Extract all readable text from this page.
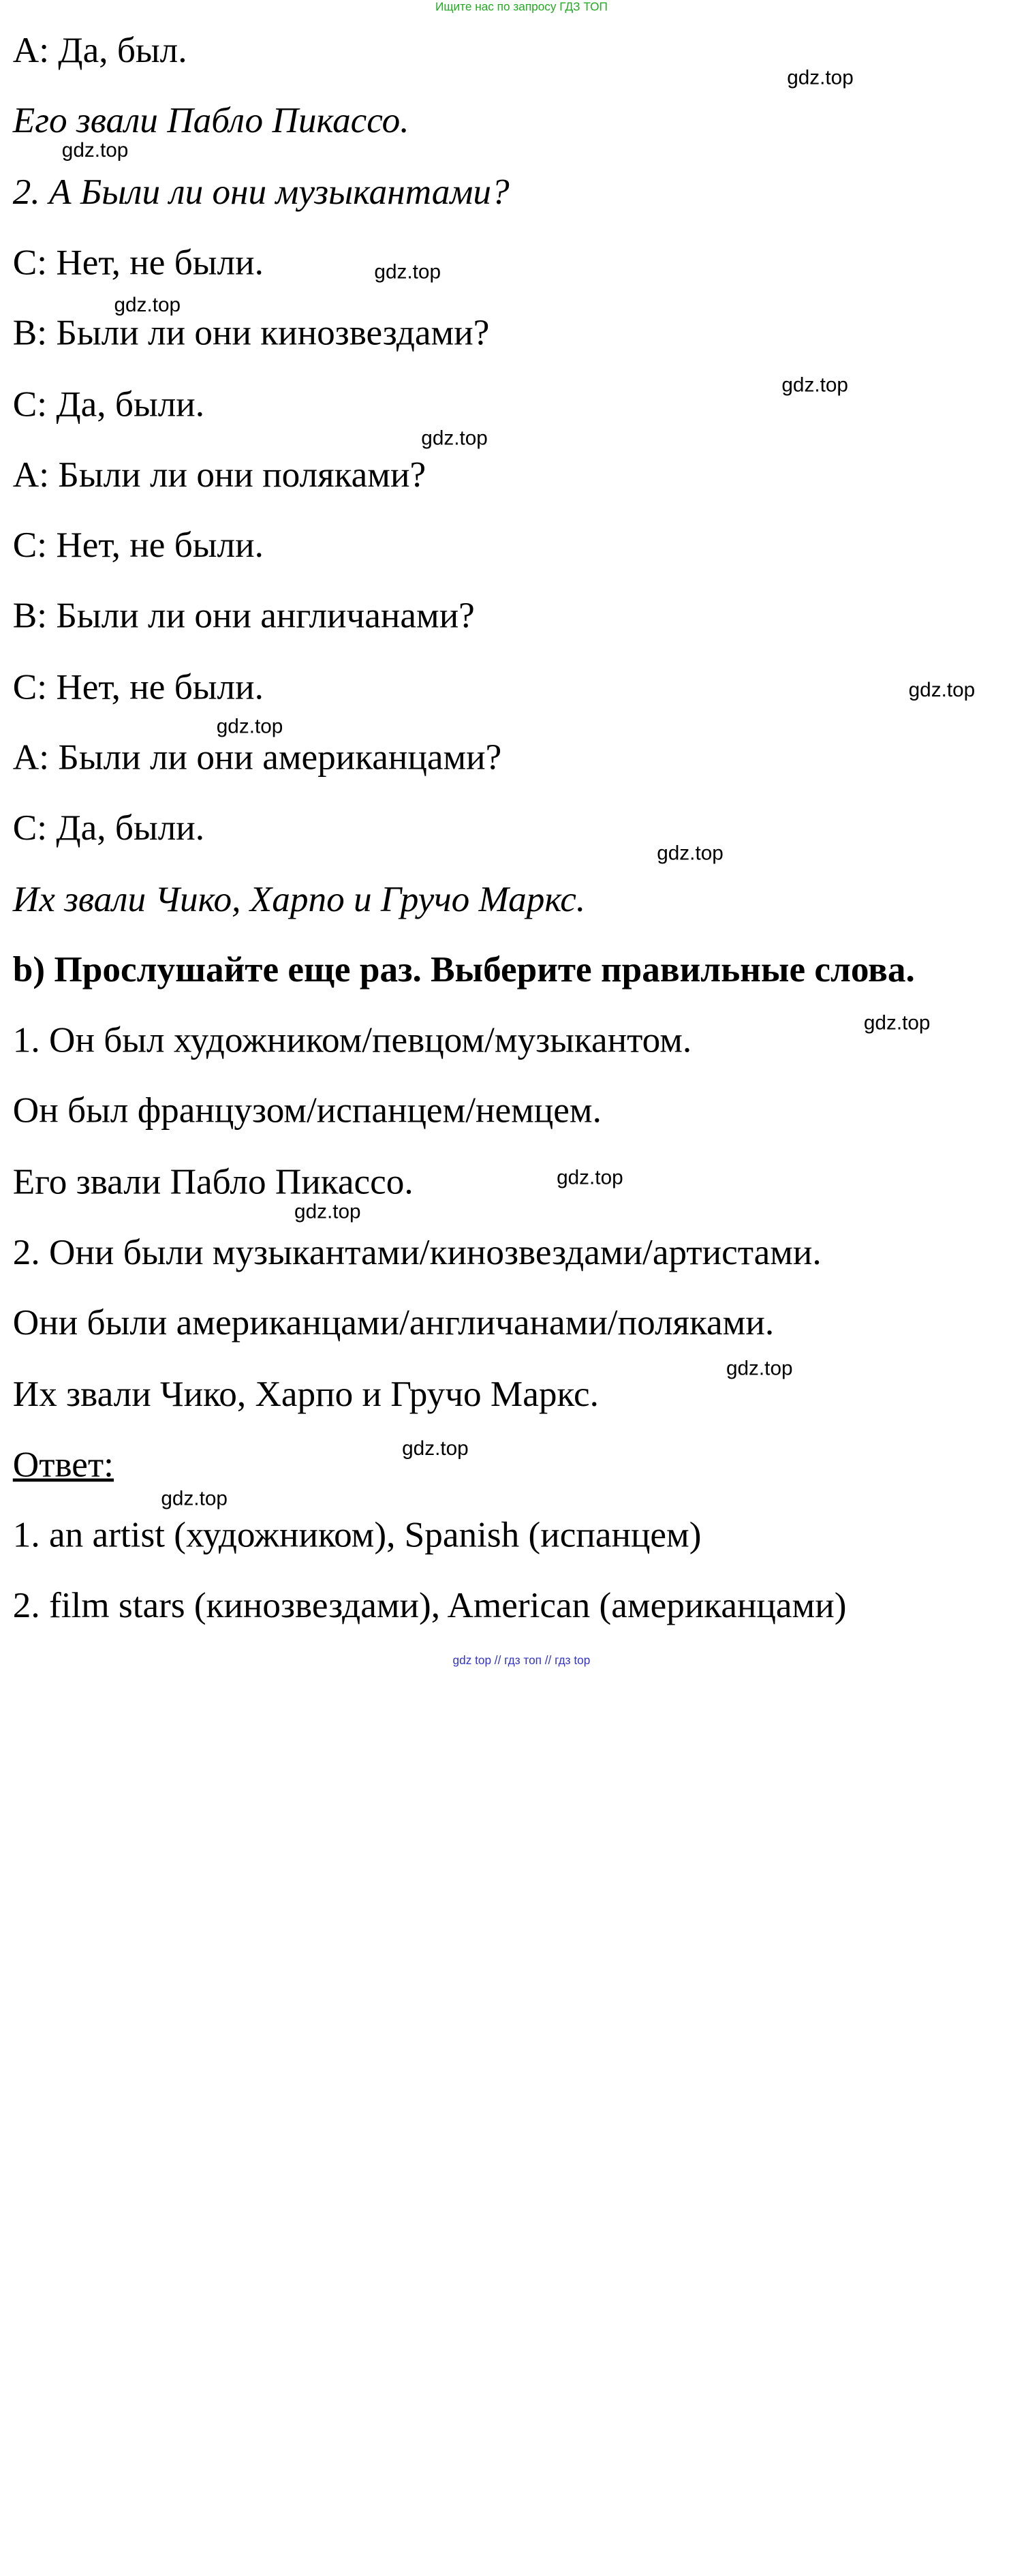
Ищите нас по запросу ГДЗ ТОП
A: Да, был.
Его звали Пабло Пикассо.
2. А Были ли они музыкантами?
C: Нет, не были.
B: Были ли они кинозвездами?
C: Да, были.
A: Были ли они поляками?
C: Нет, не были.
B: Были ли они англичанами?
C: Нет, не были.
A: Были ли они американцами?
C: Да, были.
Их звали Чико, Харпо и Гручо Маркс.
b) Прослушайте еще раз. Выберите правильные слова.
1. Он был художником/певцом/музыкантом.
Он был французом/испанцем/немцем.
Его звали Пабло Пикассо.
2. Они были музыкантами/кинозвездами/артистами.
Они были американцами/англичанами/поляками.
Их звали Чико, Харпо и Гручо Маркс.
Ответ:
1. an artist (художником), Spanish (испанцем)
2. film stars (кинозвездами), American (американцами)
gdz.top
gdz.top
gdz.top
gdz.top
gdz.top
gdz.top
gdz.top
gdz.top
gdz.top
gdz.top
gdz.top
gdz.top
gdz.top
gdz.top
gdz.top
gdz top // гдз топ // гдз top
